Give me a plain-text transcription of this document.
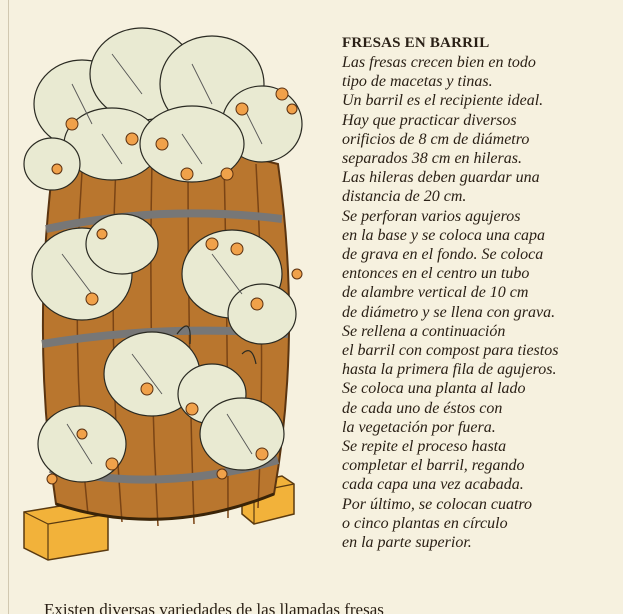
FRESAS EN BARRIL
Las fresas crecen bien en todo
tipo de macetas y tinas.
Un barril es el recipiente ideal.
Hay que practicar diversos
orificios de 8 cm de diámetro
separados 38 cm en hileras.
Las hileras deben guardar una
distancia de 20 cm.
Se perforan varios agujeros
en la base y se coloca una capa
de grava en el fondo. Se coloca
entonces en el centro un tubo
de alambre vertical de 10 cm
de diámetro y se llena con grava.
Se rellena a continuación
el barril con compost para tiestos
hasta la primera fila de agujeros.
Se coloca una planta al lado
de cada uno de éstos con
la vegetación por fuera.
Se repite el proceso hasta
completar el barril, regando
cada capa una vez acabada.
Por último, se colocan cuatro
o cinco plantas en círculo
en la parte superior.
Existen diversas variedades de las llamadas fresas
